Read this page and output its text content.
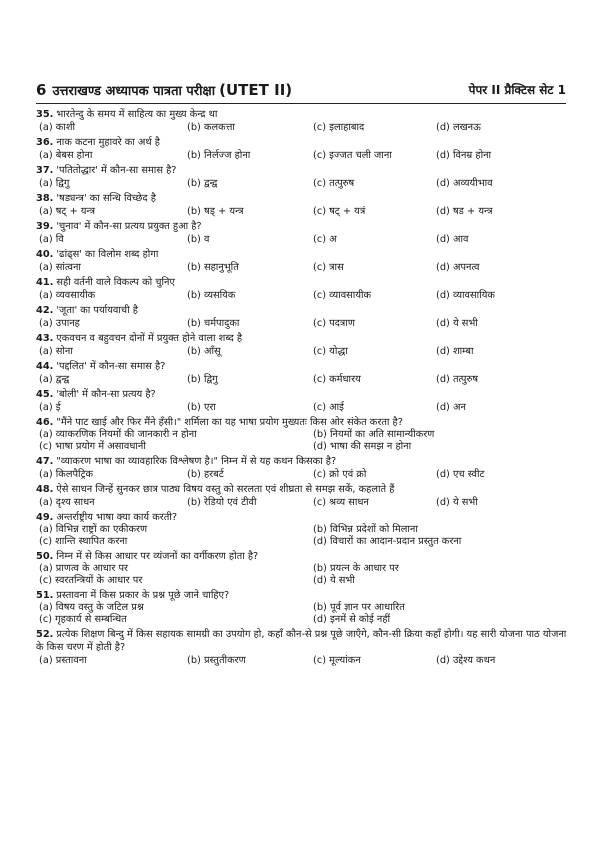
6 उत्तराखण्ड अध्यापक पात्रता परीक्षा (UTET II)	पेपर II प्रैक्टिस सेट 1
35. भारतेन्दु के समय में साहित्य का मुख्य केन्द्र था
(a) काशी	(b) कलकत्ता	(c) इलाहाबाद	(d) लखनऊ
36. नाक कटना मुहावरे का अर्थ है
(a) बेबस होना	(b) निर्लज्ज होना	(c) इज्जत चली जाना	(d) विनम्र होना
37. 'पतितोद्धार' में कौन-सा समास है?
(a) द्विगु	(b) द्वन्द्व	(c) तत्पुरुष	(d) अव्ययीभाव
38. 'षड्यन्त्र' का सन्धि विच्छेद है
(a) षट् + यन्त्र	(b) षड् + यन्त्र	(c) षट् + यत्रं	(d) षड + यन्त्र
39. 'चुनाव' में कौन-सा प्रत्यय प्रयुक्त हुआ है?
(a) वि	(b) व	(c) अ	(d) आव
40. 'ढांढ्स' का विलोम शब्द होगा
(a) सांत्वना	(b) सहानुभूति	(c) त्रास	(d) अपनत्व
41. सही वर्तनी वाले विकल्प को चुनिए
(a) व्यवसायीक	(b) व्यसयिक	(c) व्यावसायीक	(d) व्यावसायिक
42. 'जूता' का पर्यायवाची है
(a) उपानह	(b) चर्मपादुका	(c) पदत्राण	(d) ये सभी
43. एकवचन व बहुवचन दोनों में प्रयुक्त होने वाला शब्द है
(a) सोना	(b) आँसू	(c) योद्धा	(d) शाम्बा
44. 'पद्दलित' में कौन-सा समास है?
(a) द्वन्द्व	(b) द्विगु	(c) कर्मधारय	(d) तत्पुरुष
45. 'बोली' में कौन-सा प्रत्यय है?
(a) ई	(b) एरा	(c) आई	(d) अन
46. "मैंने पाट खाई और फिर मैंने हँसी।" शर्मिला का यह भाषा प्रयोग मुख्यतः किस ओर संकेत करता है?
(a) व्याकरणिक नियमों की जानकारी न होना	(b) नियमों का अति सामान्यीकरण
(c) भाषा प्रयोग में असावधानी	(d) भाषा की समझ न होना
47. "व्याकरण भाषा का व्यावहारिक विश्लेषण है।" निम्न में से यह कथन किसका है?
(a) किलपैट्रिक	(b) हरबर्ट	(c) क्रो एवं क्रो	(d) एच स्वीट
48. ऐसे साधन जिन्हें सुनकर छात्र पाठ्य विषय वस्तु को सरलता एवं शीघ्रता से समझ सकें, कहलाते हैं
(a) दृश्य साधन	(b) रेडियो एवं टीवी	(c) श्रव्य साधन	(d) ये सभी
49. अन्तर्राष्ट्रीय भाषा क्या कार्य करती?
(a) विभिन्न राष्ट्रों का एकीकरण	(b) विभिन्न प्रदेशों को मिलाना
(c) शान्ति स्थापित करना	(d) विचारों का आदान-प्रदान प्रस्तुत करना
50. निम्न में से किस आधार पर व्यंजनों का वर्गीकरण होता है?
(a) प्राणत्व के आधार पर	(b) प्रयत्न के आधार पर
(c) स्वरतन्त्रियों के आधार पर	(d) ये सभी
51. प्रस्तावना में किस प्रकार के प्रश्न पूछे जाने चाहिए?
(a) विषय वस्तु के जटिल प्रश्न	(b) पूर्व ज्ञान पर आधारित
(c) गृहकार्य से सम्बन्धित	(d) इनमें से कोई नहीं
52. प्रत्येक शिक्षण बिन्दु में किस सहायक सामग्री का उपयोग हो, कहाँ कौन-से प्रश्न पूछे जाएँगे, कौन-सी क्रिया कहाँ होगी। यह सारी योजना पाठ योजना के किस चरण में होती है?
(a) प्रस्तावना	(b) प्रस्तुतीकरण	(c) मूल्यांकन	(d) उद्देश्य कथन
